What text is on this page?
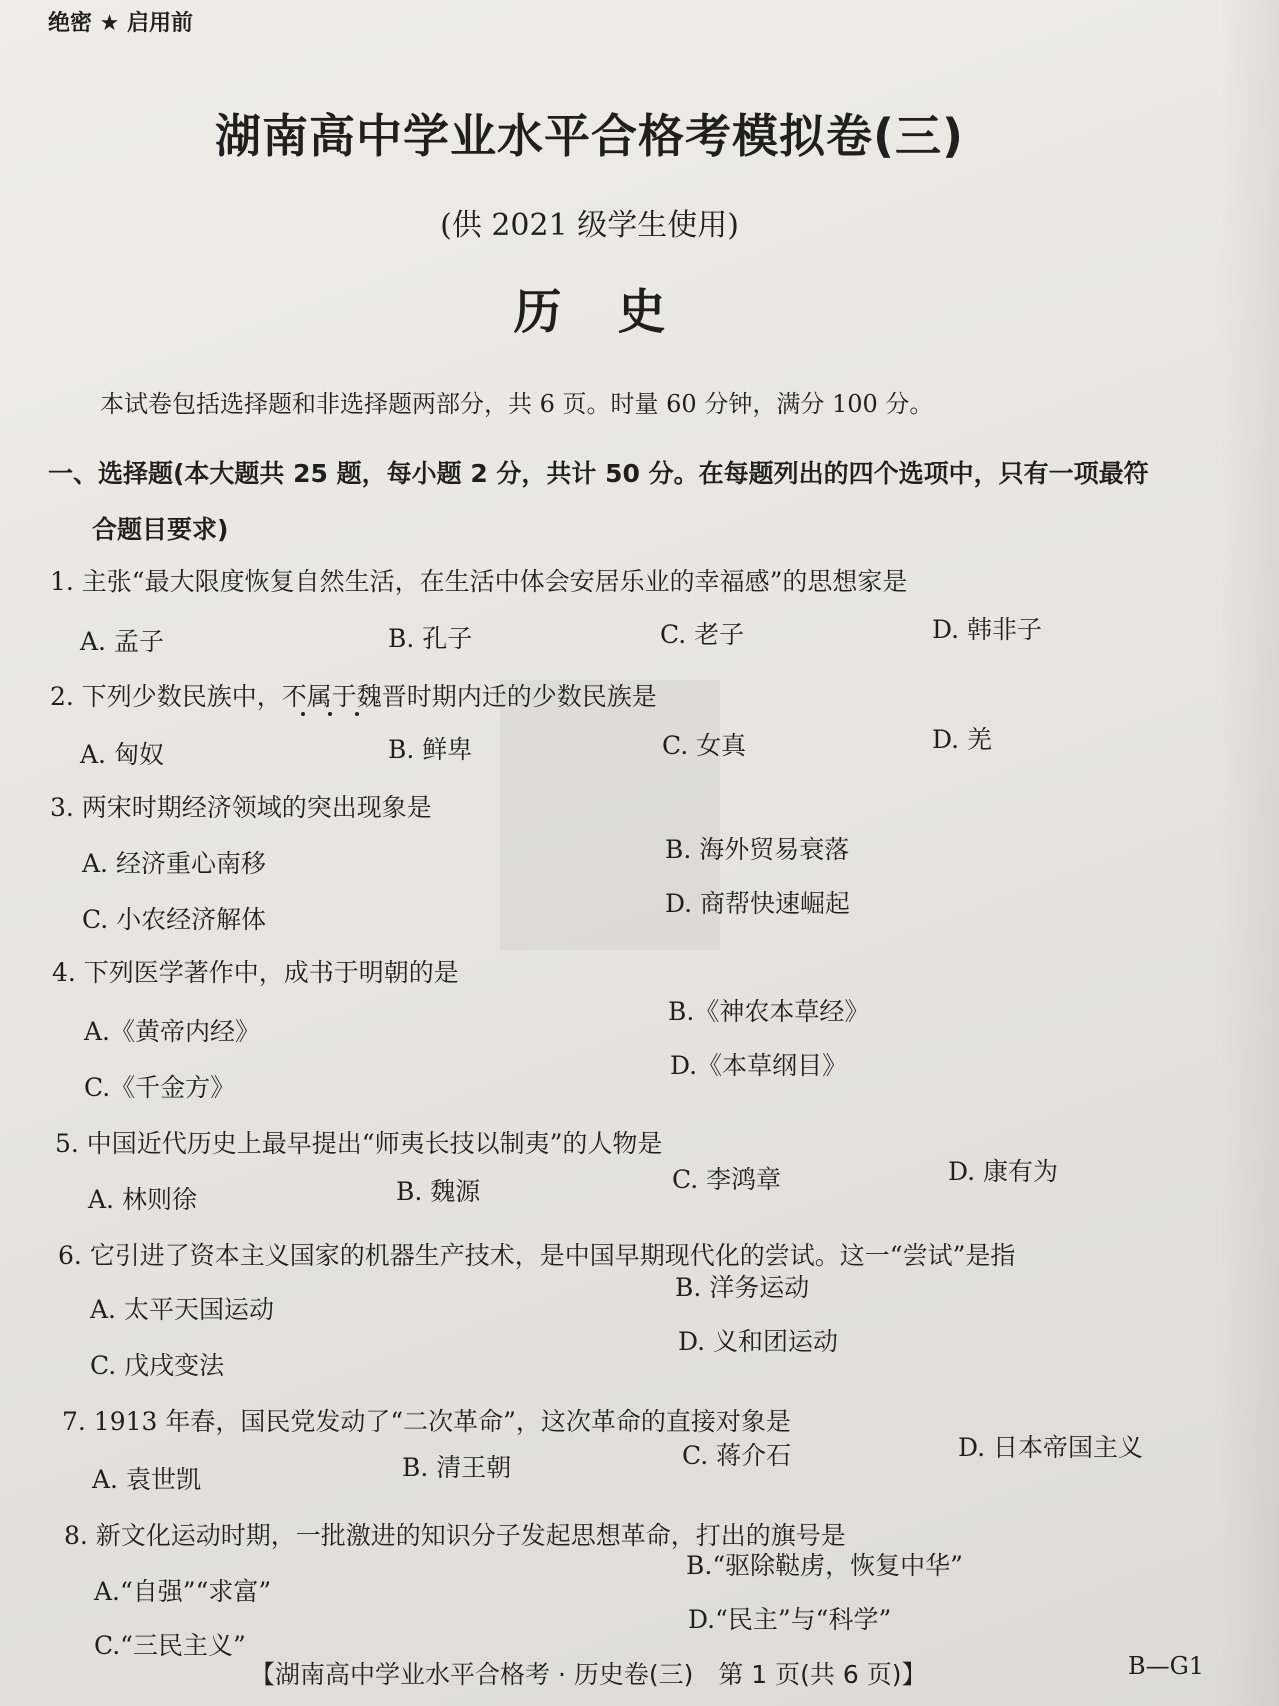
绝密 ★ 启用前
湖南高中学业水平合格考模拟卷(三)
(供 2021 级学生使用)
历史
本试卷包括选择题和非选择题两部分，共 6 页。时量 60 分钟，满分 100 分。
一、选择题(本大题共 25 题，每小题 2 分，共计 50 分。在每题列出的四个选项中，只有一项最符
合题目要求)
1. 主张“最大限度恢复自然生活，在生活中体会安居乐业的幸福感”的思想家是
A. 孟子	B. 孔子	C. 老子	D. 韩非子
2. 下列少数民族中，不属于魏晋时期内迁的少数民族是
A. 匈奴	B. 鲜卑	C. 女真	D. 羌
3. 两宋时期经济领域的突出现象是
A. 经济重心南移	B. 海外贸易衰落
C. 小农经济解体
D. 商帮快速崛起
4. 下列医学著作中，成书于明朝的是
A.《黄帝内经》
B.《神农本草经》
C.《千金方》
D.《本草纲目》
5. 中国近代历史上最早提出“师夷长技以制夷”的人物是
A. 林则徐	B. 魏源	C. 李鸿章	D. 康有为
6. 它引进了资本主义国家的机器生产技术，是中国早期现代化的尝试。这一“尝试”是指
A. 太平天国运动
B. 洋务运动
C. 戊戌变法
D. 义和团运动
7. 1913 年春，国民党发动了“二次革命”，这次革命的直接对象是
A. 袁世凯	B. 清王朝	C. 蒋介石	D. 日本帝国主义
8. 新文化运动时期，一批激进的知识分子发起思想革命，打出的旗号是
A.“自强”“求富”
B.“驱除鞑虏，恢复中华”
C.“三民主义”
D.“民主”与“科学”
【湖南高中学业水平合格考 · 历史卷(三)　第 1 页(共 6 页)】	B—G1
